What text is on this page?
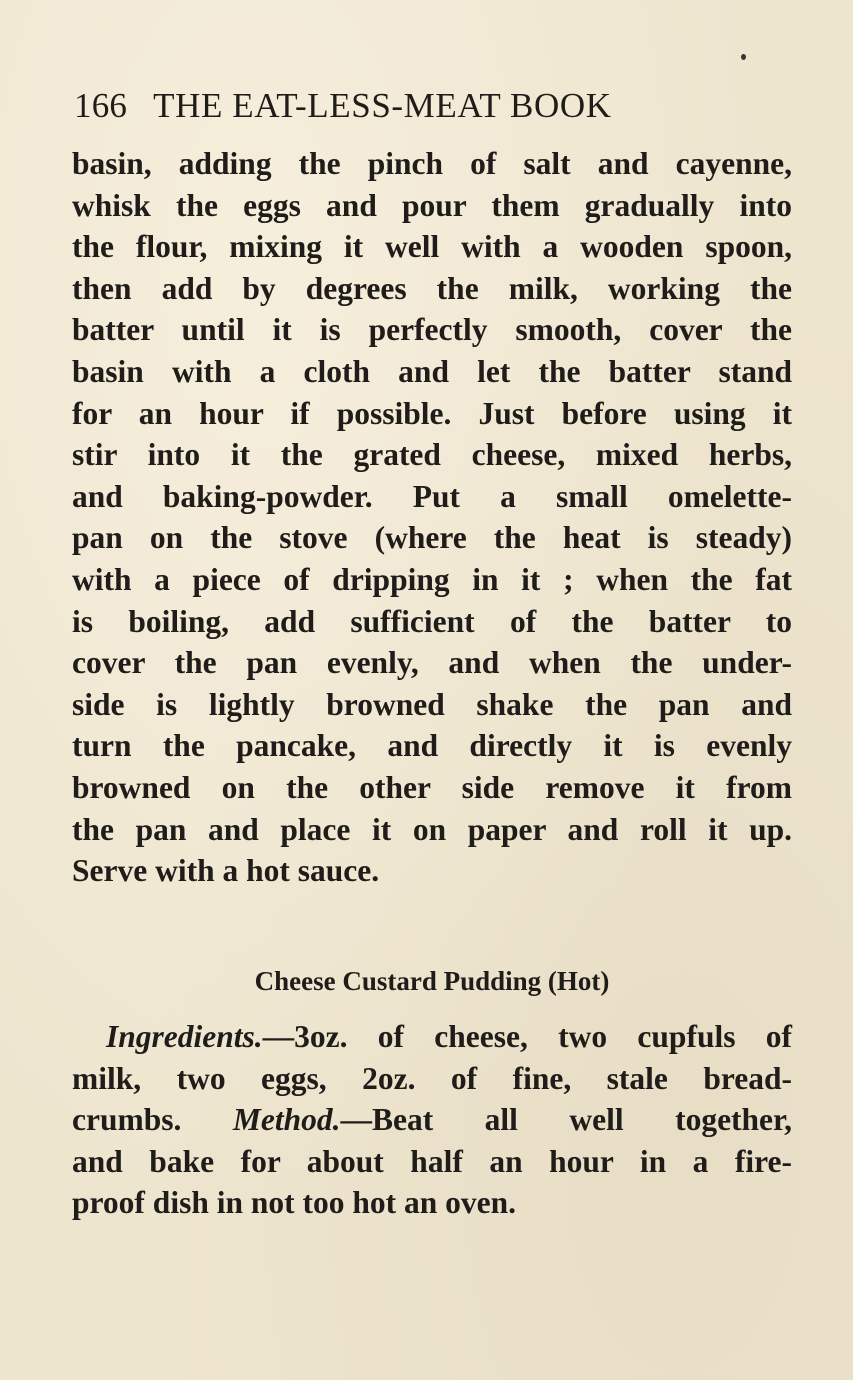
166 THE EAT-LESS-MEAT BOOK
basin, adding the pinch of salt and cayenne,
whisk the eggs and pour them gradually into
the flour, mixing it well with a wooden spoon,
then add by degrees the milk, working the
batter until it is perfectly smooth, cover the
basin with a cloth and let the batter stand
for an hour if possible. Just before using it
stir into it the grated cheese, mixed herbs,
and baking-powder. Put a small omelette-
pan on the stove (where the heat is steady)
with a piece of dripping in it ; when the fat
is boiling, add sufficient of the batter to
cover the pan evenly, and when the under-
side is lightly browned shake the pan and
turn the pancake, and directly it is evenly
browned on the other side remove it from
the pan and place it on paper and roll it up.
Serve with a hot sauce.
Cheese Custard Pudding (Hot)
Ingredients.—3oz. of cheese, two cupfuls of
milk, two eggs, 2oz. of fine, stale bread-
crumbs. Method.—Beat all well together,
and bake for about half an hour in a fire-
proof dish in not too hot an oven.
